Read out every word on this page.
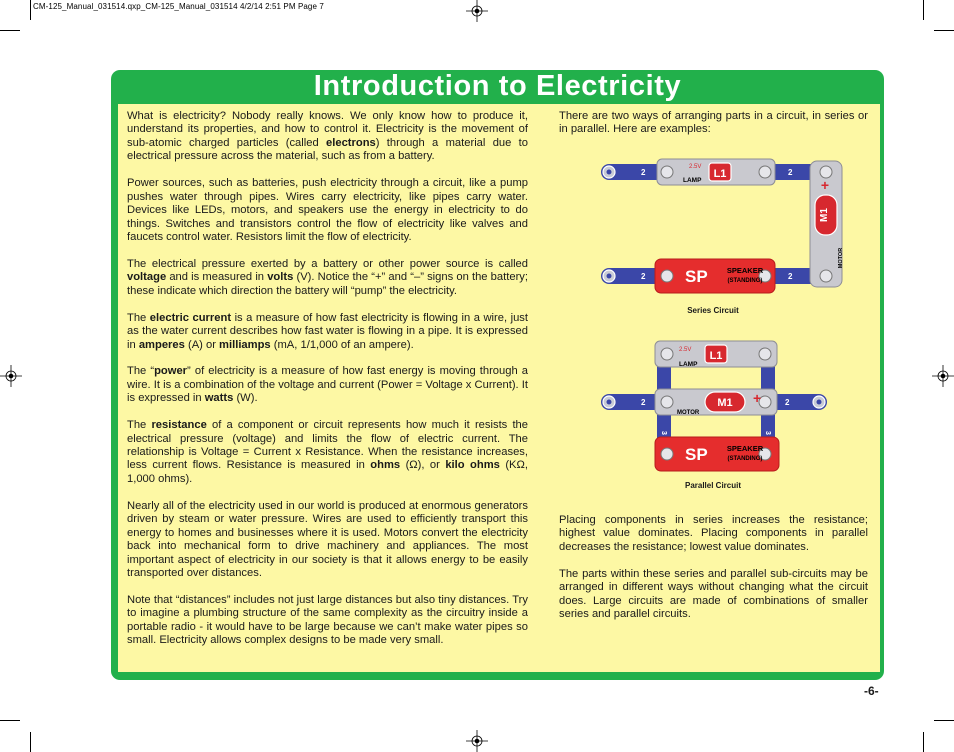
CM-125_Manual_031514.qxp_CM-125_Manual_031514 4/2/14 2:51 PM Page 7
Introduction to Electricity

What is electricity? Nobody really knows. We only know how to produce it, understand its properties, and how to control it. Electricity is the movement of sub-atomic charged particles (called electrons) through a material due to electrical pressure across the material, such as from a battery.

Power sources, such as batteries, push electricity through a circuit, like a pump pushes water through pipes. Wires carry electricity, like pipes carry water. Devices like LEDs, motors, and speakers use the energy in electricity to do things. Switches and transistors control the flow of electricity like valves and faucets control water. Resistors limit the flow of electricity.

The electrical pressure exerted by a battery or other power source is called voltage and is measured in volts (V). Notice the “+” and “–” signs on the battery; these indicate which direction the battery will “pump” the electricity.

The electric current is a measure of how fast electricity is flowing in a wire, just as the water current describes how fast water is flowing in a pipe. It is expressed in amperes (A) or milliamps (mA, 1/1,000 of an ampere).

The “power” of electricity is a measure of how fast energy is moving through a wire. It is a combination of the voltage and current (Power = Voltage x Current). It is expressed in watts (W).

The resistance of a component or circuit represents how much it resists the electrical pressure (voltage) and limits the flow of electric current. The relationship is Voltage = Current x Resistance. When the resistance increases, less current flows. Resistance is measured in ohms (Ω), or kilo ohms (KΩ, 1,000 ohms).

Nearly all of the electricity used in our world is produced at enormous generators driven by steam or water pressure. Wires are used to efficiently transport this energy to homes and businesses where it is used. Motors convert the electricity back into mechanical form to drive machinery and appliances. The most important aspect of electricity in our society is that it allows energy to be easily transported over distances.

Note that “distances” includes not just large distances but also tiny distances. Try to imagine a plumbing structure of the same complexity as the circuitry inside a portable radio - it would have to be large because we can’t make water pipes so small. Electricity allows complex designs to be made very small.

There are two ways of arranging parts in a circuit, in series or in parallel. Here are examples:

Placing components in series increases the resistance; highest value dominates. Placing components in parallel decreases the resistance; lowest value dominates.

The parts within these series and parallel sub-circuits may be arranged in different ways without changing what the circuit does. Large circuits are made of combinations of smaller series and parallel circuits.

2	2
L1
2.5V
LAMP
2	2
SP	SPEAKER
(STANDING)
M1
+
MOTOR
Series Circuit
3	3
L1
2.5V
LAMP
2	2
M1 +
MOTOR
SP	SPEAKER
(STANDING)
Parallel Circuit
-6-
